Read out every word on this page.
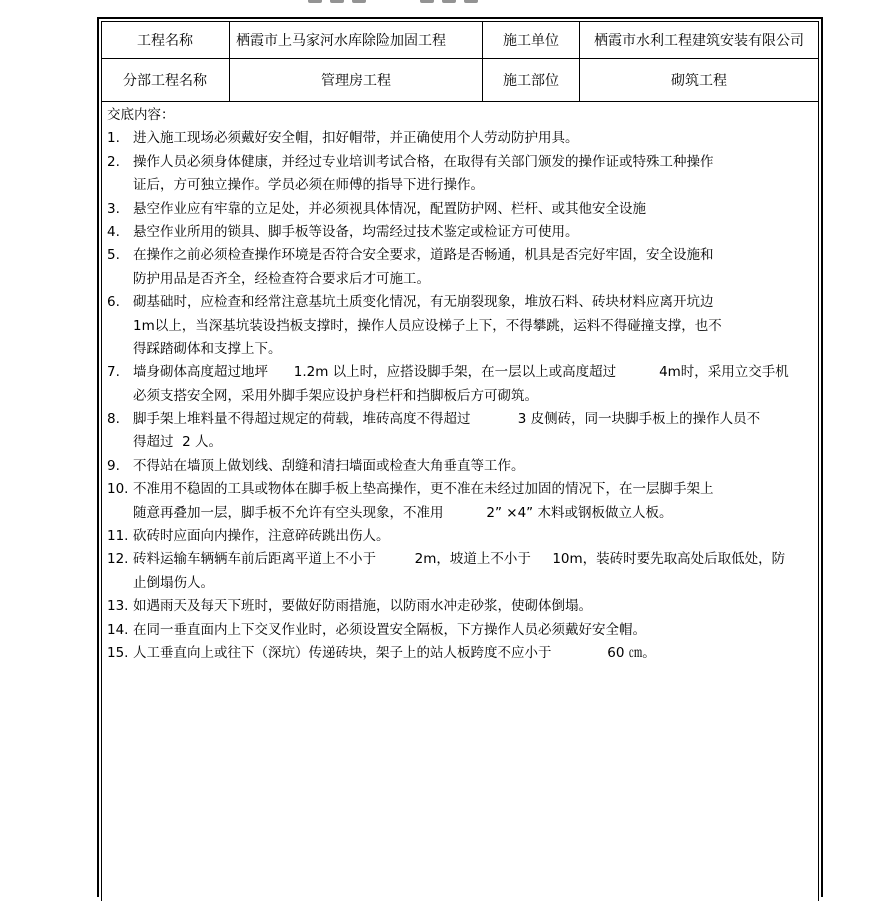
工程名称	栖霞市上马家河水库除险加固工程	施工单位	栖霞市水利工程建筑安装有限公司
分部工程名称	管理房工程	施工部位	砌筑工程
交底内容：
1. 进入施工现场必须戴好安全帽，扣好帽带，并正确使用个人劳动防护用具。
2. 操作人员必须身体健康，并经过专业培训考试合格，在取得有关部门颁发的操作证或特殊工种操作
证后，方可独立操作。学员必须在师傅的指导下进行操作。
3. 悬空作业应有牢靠的立足处，并必须视具体情况，配置防护网、栏杆、或其他安全设施
4. 悬空作业所用的锁具、脚手板等设备，均需经过技术鉴定或检证方可使用。
5. 在操作之前必须检查操作环境是否符合安全要求，道路是否畅通，机具是否完好牢固，安全设施和
防护用品是否齐全，经检查符合要求后才可施工。
6. 砌基础时，应检查和经常注意基坑土质变化情况，有无崩裂现象，堆放石料、砖块材料应离开坑边
1m以上，当深基坑装设挡板支撑时，操作人员应设梯子上下，不得攀跳，运料不得碰撞支撑，也不
得踩踏砌体和支撑上下。
7. 墙身砌体高度超过地坪      1.2m 以上时，应搭设脚手架，在一层以上或高度超过          4m时，采用立交手机
必须支搭安全网，采用外脚手架应设护身栏杆和挡脚板后方可砌筑。
8. 脚手架上堆料量不得超过规定的荷载，堆砖高度不得超过           3 皮侧砖，同一块脚手板上的操作人员不
得超过  2 人。
9. 不得站在墙顶上做划线、刮缝和清扫墙面或检查大角垂直等工作。
10. 不准用不稳固的工具或物体在脚手板上垫高操作，更不准在未经过加固的情况下，在一层脚手架上
随意再叠加一层，脚手板不允许有空头现象，不准用          2” ×4” 木料或钢板做立人板。
11. 砍砖时应面向内操作，注意碎砖跳出伤人。
12. 砖料运输车辆辆车前后距离平道上不小于         2m，坡道上不小于     10m，装砖时要先取高处后取低处，防
止倒塌伤人。
13. 如遇雨天及每天下班时，要做好防雨措施，以防雨水冲走砂浆，使砌体倒塌。
14. 在同一垂直面内上下交叉作业时，必须设置安全隔板，下方操作人员必须戴好安全帽。
15. 人工垂直向上或往下（深坑）传递砖块，架子上的站人板跨度不应小于             60 ㎝。
